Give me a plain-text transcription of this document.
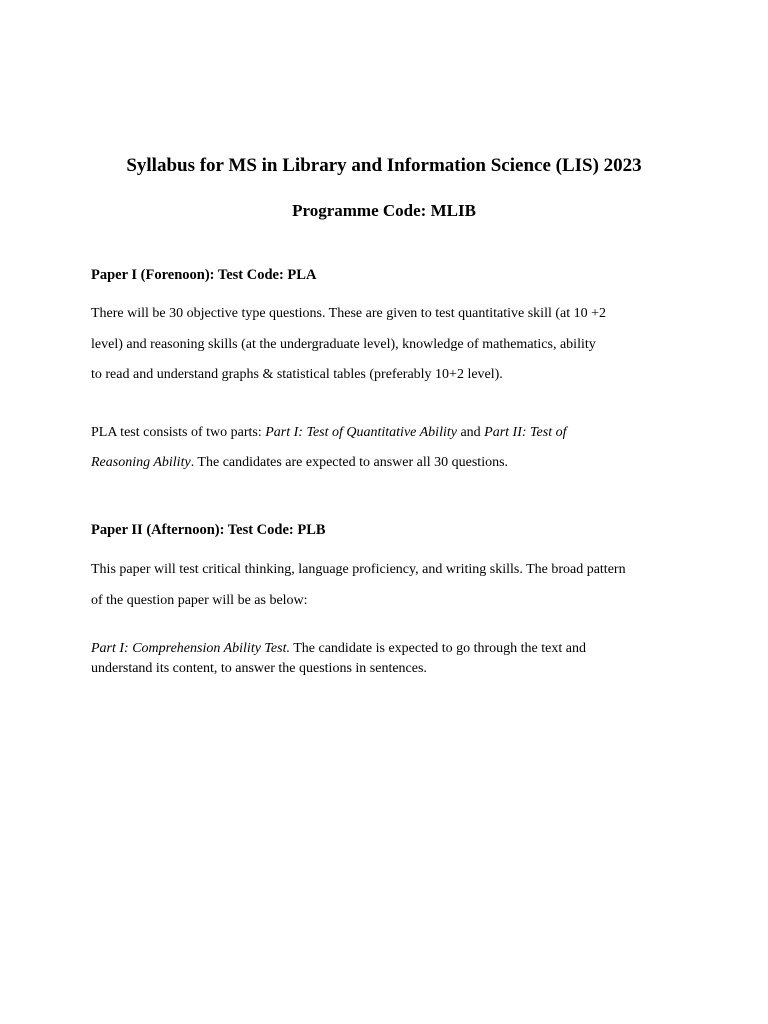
Syllabus for MS in Library and Information Science (LIS) 2023
Programme Code: MLIB
Paper I (Forenoon): Test Code: PLA
There will be 30 objective type questions. These are given to test quantitative skill (at 10 +2
level) and reasoning skills (at the undergraduate level), knowledge of mathematics, ability
to read and understand graphs & statistical tables (preferably 10+2 level).
PLA test consists of two parts: Part I: Test of Quantitative Ability and Part II: Test of
Reasoning Ability. The candidates are expected to answer all 30 questions.
Paper II (Afternoon): Test Code: PLB
This paper will test critical thinking, language proficiency, and writing skills. The broad pattern
of the question paper will be as below:
Part I: Comprehension Ability Test. The candidate is expected to go through the text and
understand its content, to answer the questions in sentences.
